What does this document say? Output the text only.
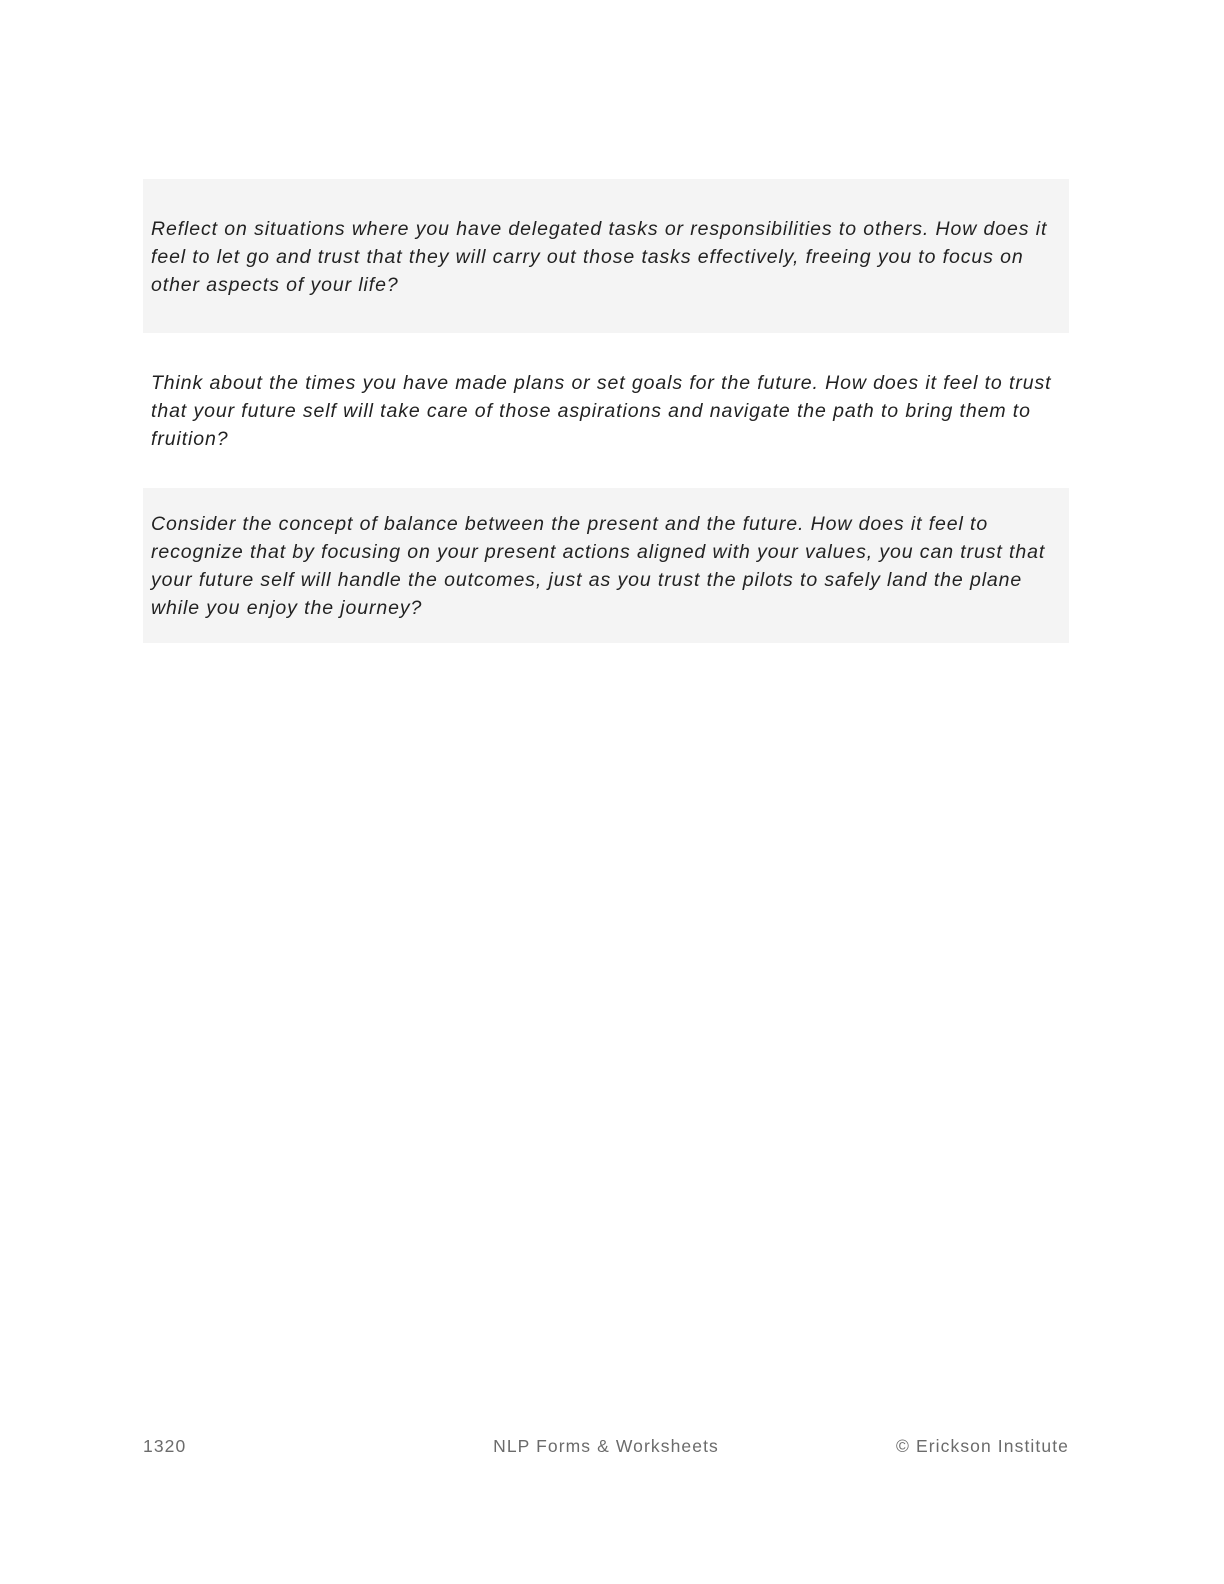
Reflect on situations where you have delegated tasks or responsibilities to others. How does it feel to let go and trust that they will carry out those tasks effectively, freeing you to focus on other aspects of your life?
Think about the times you have made plans or set goals for the future. How does it feel to trust that your future self will take care of those aspirations and navigate the path to bring them to fruition?
Consider the concept of balance between the present and the future. How does it feel to recognize that by focusing on your present actions aligned with your values, you can trust that your future self will handle the outcomes, just as you trust the pilots to safely land the plane while you enjoy the journey?
1320	NLP Forms & Worksheets	© Erickson Institute
